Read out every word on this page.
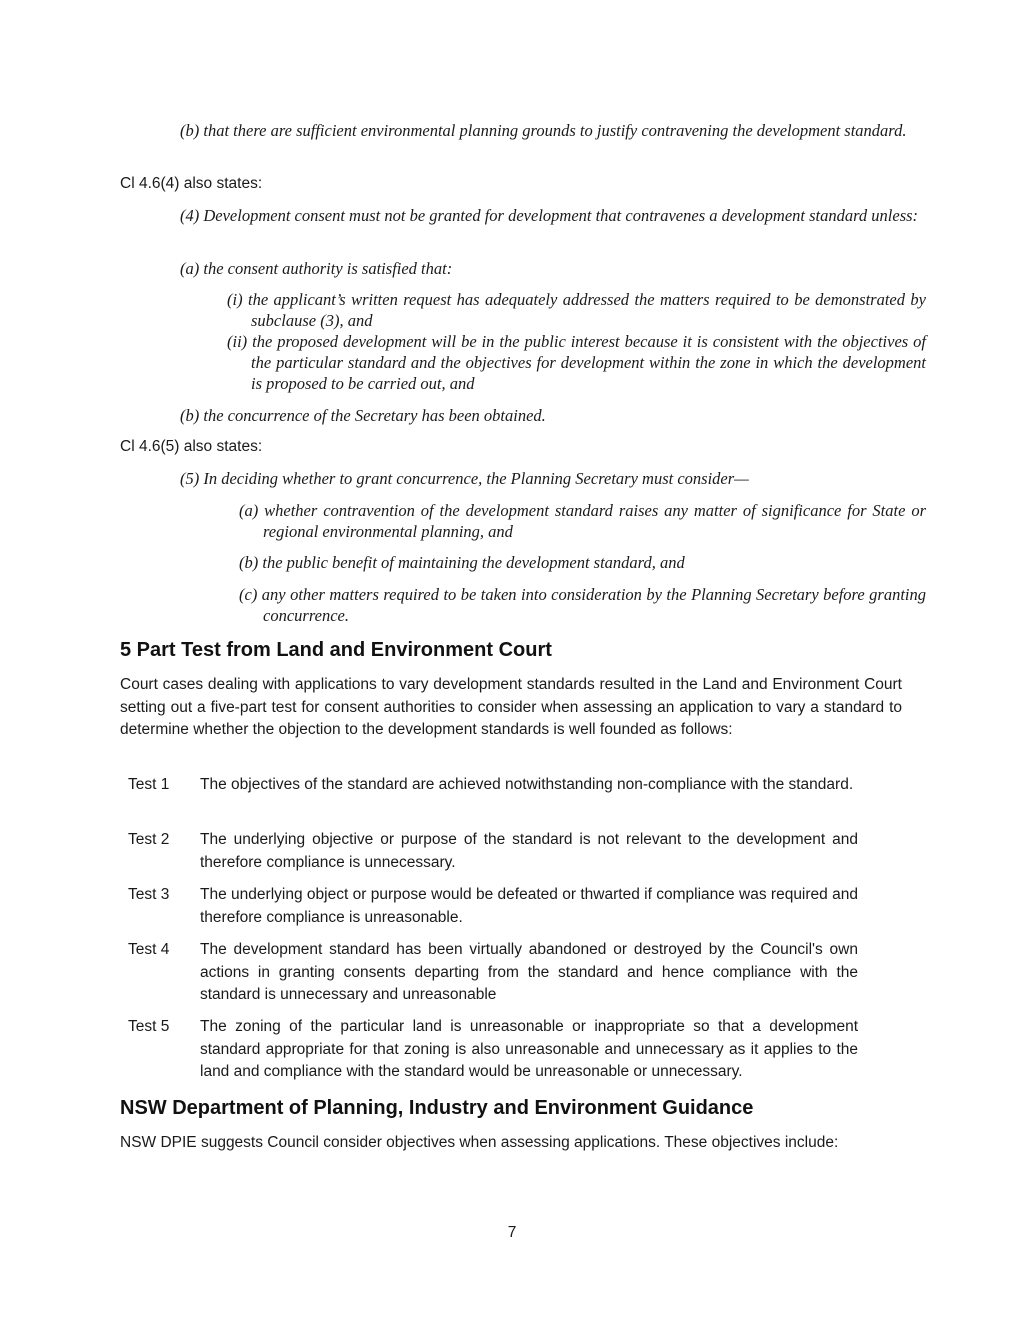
(b) that there are sufficient environmental planning grounds to justify contravening the development standard.

Cl 4.6(4) also states:

(4) Development consent must not be granted for development that contravenes a development standard unless:

(a) the consent authority is satisfied that:

(i) the applicant’s written request has adequately addressed the matters required to be demonstrated by subclause (3), and

(ii) the proposed development will be in the public interest because it is consistent with the objectives of the particular standard and the objectives for development within the zone in which the development is proposed to be carried out, and

(b) the concurrence of the Secretary has been obtained.

Cl 4.6(5) also states:

(5) In deciding whether to grant concurrence, the Planning Secretary must consider—

(a) whether contravention of the development standard raises any matter of significance for State or regional environmental planning, and

(b) the public benefit of maintaining the development standard, and

(c) any other matters required to be taken into consideration by the Planning Secretary before granting concurrence.

5 Part Test from Land and Environment Court

Court cases dealing with applications to vary development standards resulted in the Land and Environment Court setting out a five-part test for consent authorities to consider when assessing an application to vary a standard to determine whether the objection to the development standards is well founded as follows:

Test 1	The objectives of the standard are achieved notwithstanding non-compliance with the standard.
Test 2	The underlying objective or purpose of the standard is not relevant to the development and therefore compliance is unnecessary.
Test 3	The underlying object or purpose would be defeated or thwarted if compliance was required and therefore compliance is unreasonable.
Test 4	The development standard has been virtually abandoned or destroyed by the Council's own actions in granting consents departing from the standard and hence compliance with the standard is unnecessary and unreasonable
Test 5	The zoning of the particular land is unreasonable or inappropriate so that a development standard appropriate for that zoning is also unreasonable and unnecessary as it applies to the land and compliance with the standard would be unreasonable or unnecessary.
NSW Department of Planning, Industry and Environment Guidance

NSW DPIE suggests Council consider objectives when assessing applications. These objectives include:

7
